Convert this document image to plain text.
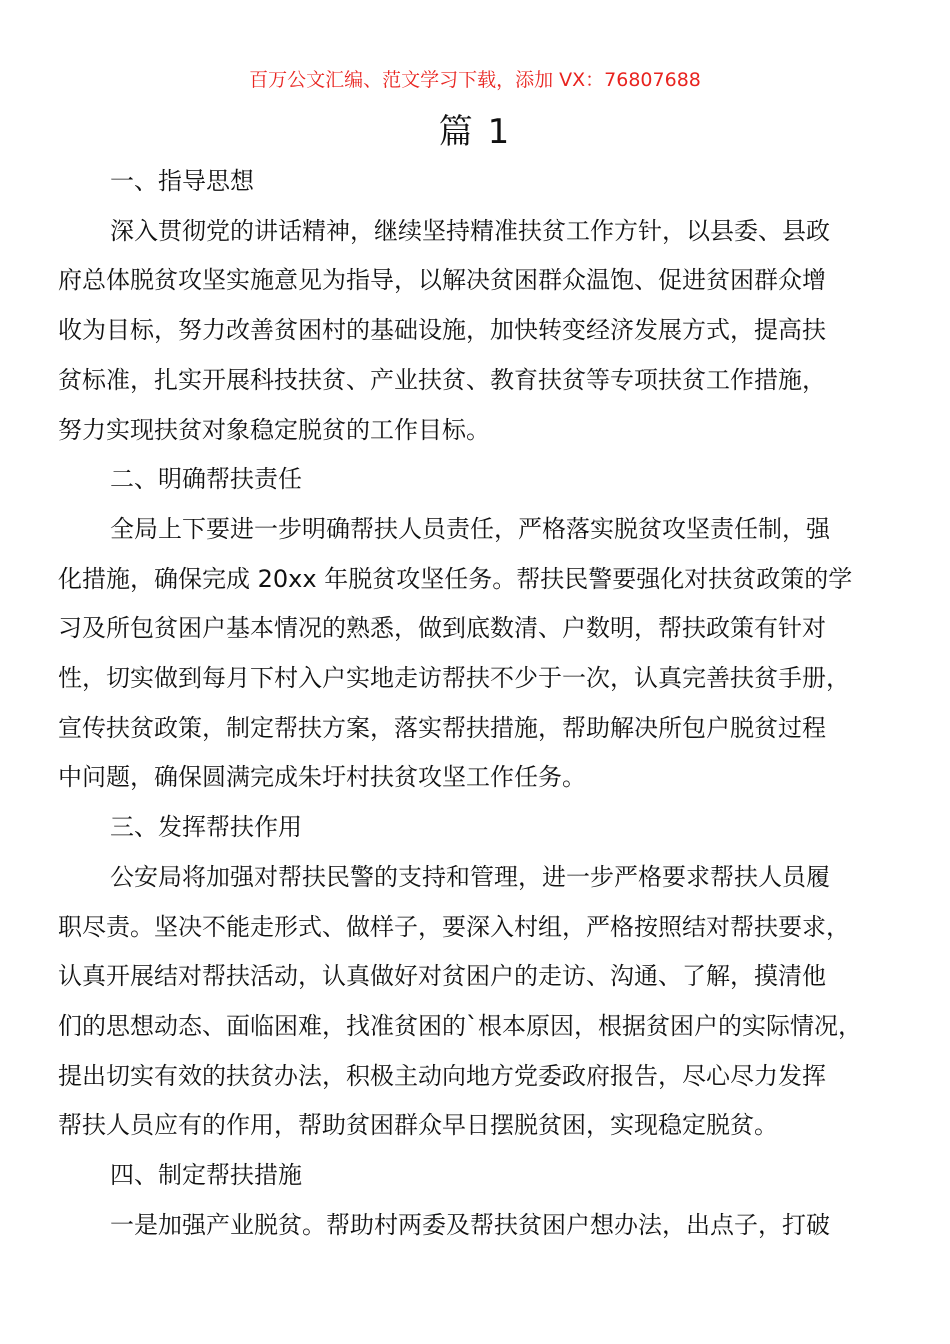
百万公文汇编、范文学习下载，添加 VX：76807688
篇 1

一、指导思想

深入贯彻党的讲话精神，继续坚持精准扶贫工作方针，以县委、县政
府总体脱贫攻坚实施意见为指导，以解决贫困群众温饱、促进贫困群众增
收为目标，努力改善贫困村的基础设施，加快转变经济发展方式，提高扶
贫标准，扎实开展科技扶贫、产业扶贫、教育扶贫等专项扶贫工作措施，
努力实现扶贫对象稳定脱贫的工作目标。

二、明确帮扶责任

全局上下要进一步明确帮扶人员责任，严格落实脱贫攻坚责任制，强
化措施，确保完成 20xx 年脱贫攻坚任务。帮扶民警要强化对扶贫政策的学
习及所包贫困户基本情况的熟悉，做到底数清、户数明，帮扶政策有针对
性，切实做到每月下村入户实地走访帮扶不少于一次，认真完善扶贫手册，
宣传扶贫政策，制定帮扶方案，落实帮扶措施，帮助解决所包户脱贫过程
中问题，确保圆满完成朱圩村扶贫攻坚工作任务。

三、发挥帮扶作用

公安局将加强对帮扶民警的支持和管理，进一步严格要求帮扶人员履
职尽责。坚决不能走形式、做样子，要深入村组，严格按照结对帮扶要求，
认真开展结对帮扶活动，认真做好对贫困户的走访、沟通、了解，摸清他
们的思想动态、面临困难，找准贫困的`根本原因，根据贫困户的实际情况，
提出切实有效的扶贫办法，积极主动向地方党委政府报告，尽心尽力发挥
帮扶人员应有的作用，帮助贫困群众早日摆脱贫困，实现稳定脱贫。

四、制定帮扶措施

一是加强产业脱贫。帮助村两委及帮扶贫困户想办法，出点子，打破
